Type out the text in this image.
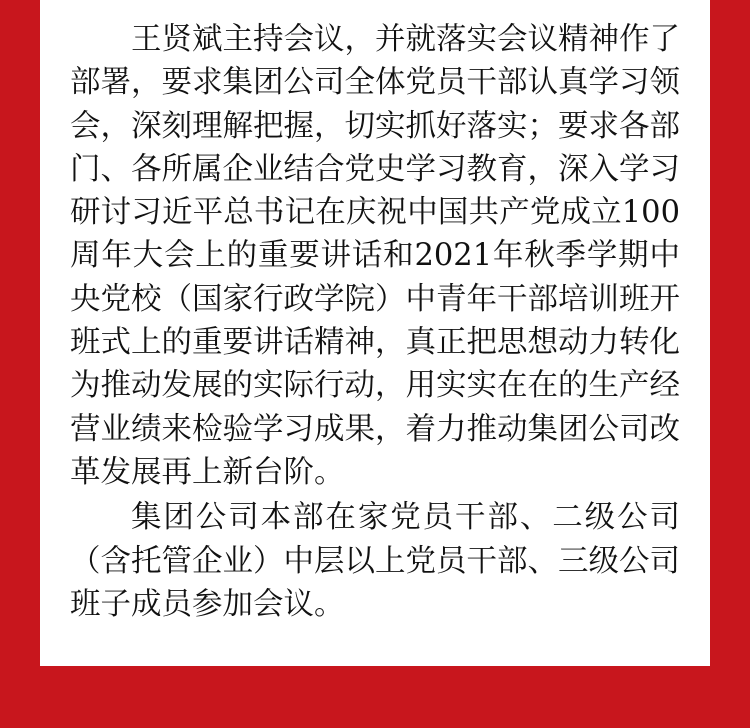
王贤斌主持会议，并就落实会议精神作了部署，要求集团公司全体党员干部认真学习领会，深刻理解把握，切实抓好落实；要求各部门、各所属企业结合党史学习教育，深入学习研讨习近平总书记在庆祝中国共产党成立100周年大会上的重要讲话和2021年秋季学期中央党校（国家行政学院）中青年干部培训班开班式上的重要讲话精神，真正把思想动力转化为推动发展的实际行动，用实实在在的生产经营业绩来检验学习成果，着力推动集团公司改革发展再上新台阶。

集团公司本部在家党员干部、二级公司（含托管企业）中层以上党员干部、三级公司班子成员参加会议。
